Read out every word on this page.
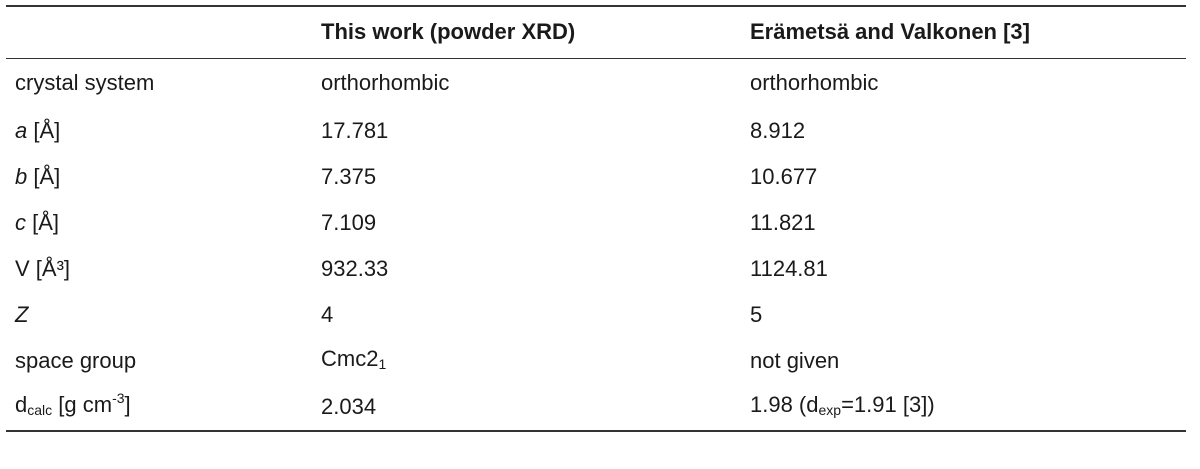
	This work (powder XRD)	Erämetsä and Valkonen [3]
crystal system	orthorhombic	orthorhombic
a [Å]	17.781	8.912
b [Å]	7.375	10.677
c [Å]	7.109	11.821
V [Å³]	932.33	1124.81
Z	4	5
space group	$Cmc2_1$	not given
$d_{calc}$ [g $cm^{-3}$]	2.034	1.98 ($d_{exp}=1.91$ [3])
